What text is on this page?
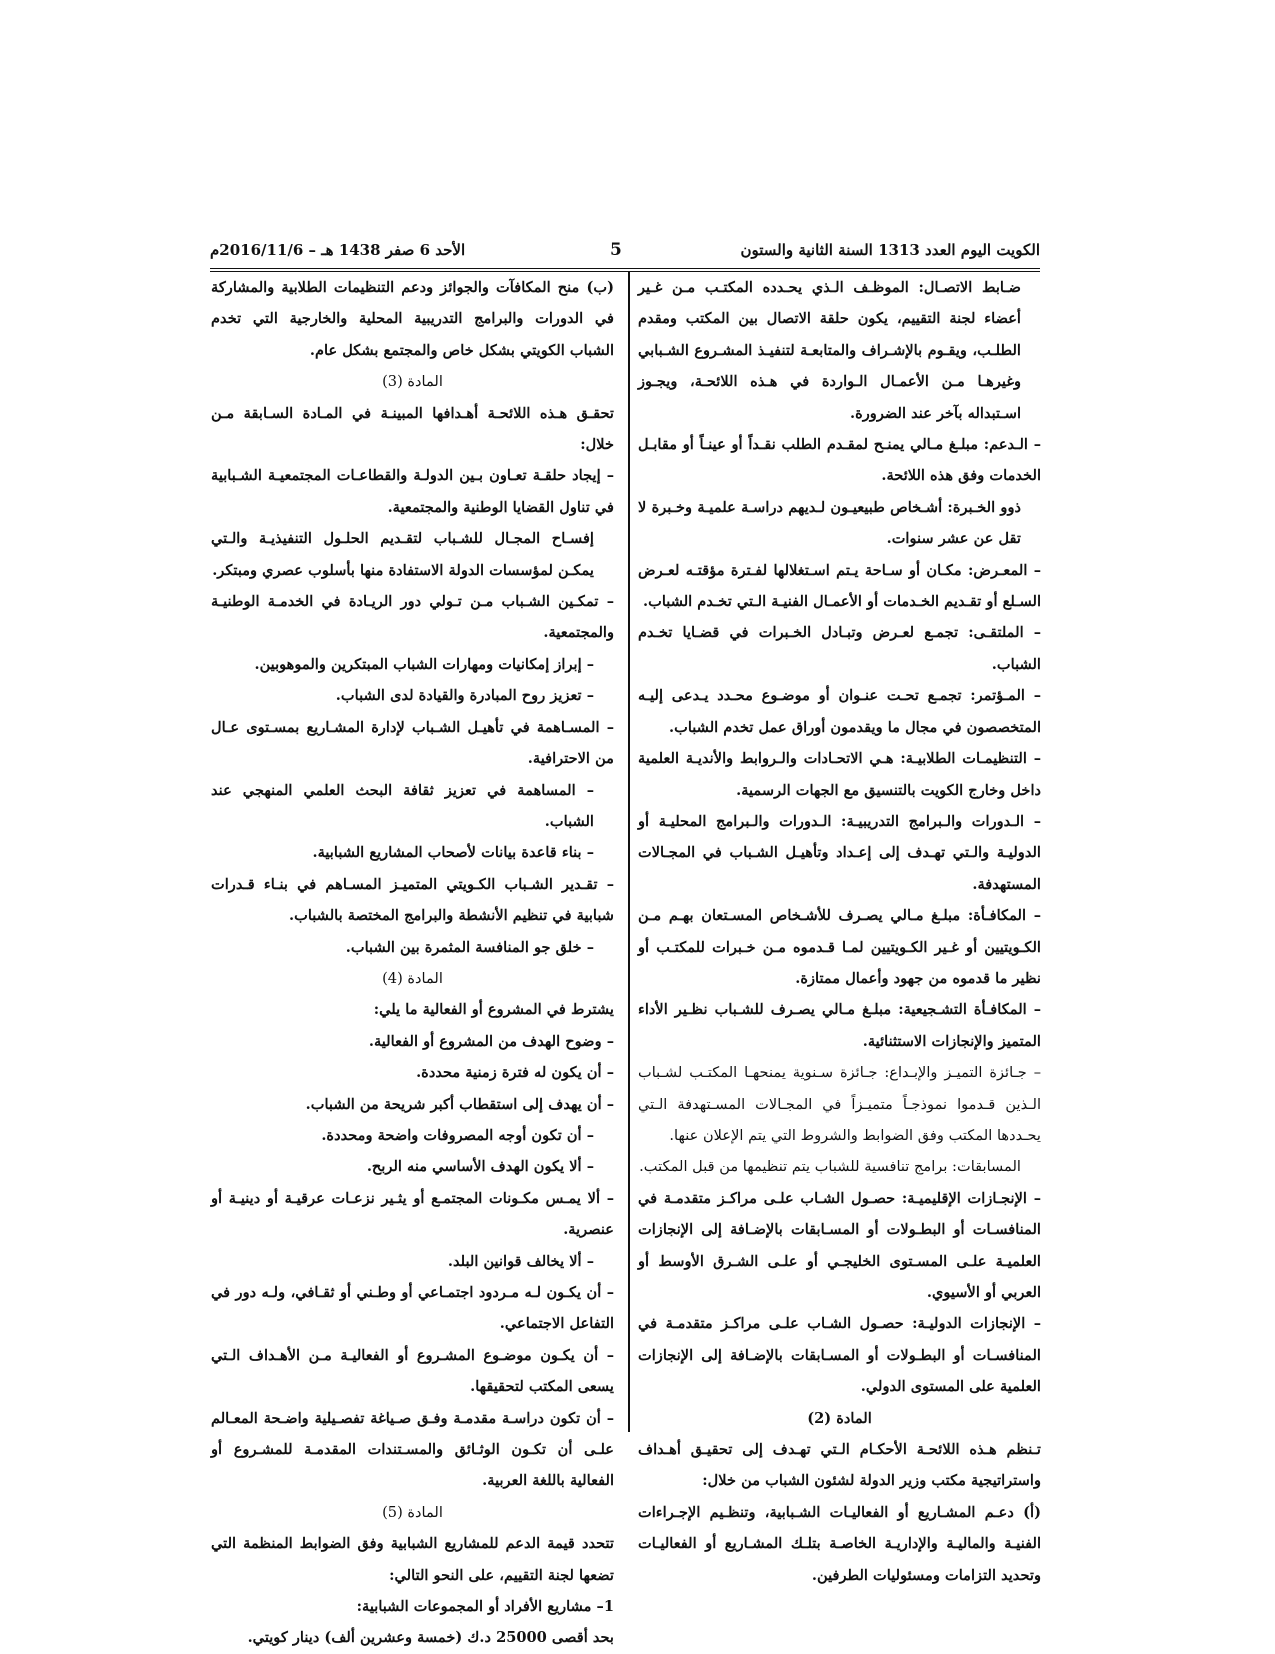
الكويت اليوم العدد 1313 السنة الثانية والستون
5
الأحد 6 صفر 1438 هـ – 2016/11/6م

ضـابط الاتصـال: الموظـف الـذي يحـدده المكتـب مـن غـير أعضاء لجنة التقييم، يكون حلقة الاتصال بين المكتب ومقدم الطلـب، ويقـوم بالإشـراف والمتابعـة لتنفيـذ المشـروع الشـبابي وغيرهـا مـن الأعمـال الـواردة في هـذه اللائحـة، ويجـوز اسـتبداله بآخر عند الضرورة.

– الـدعم: مبلـغ مـالي يمنـح لمقـدم الطلب نقـداً أو عينـاً أو مقابـل الخدمات وفق هذه اللائحة.

ذوو الخـبرة: أشـخاص طبيعيـون لـديهم دراسـة علميـة وخـبرة لا تقل عن عشر سنوات.

– المعـرض: مكـان أو سـاحة يـتم اسـتغلالها لفـترة مؤقتـه لعـرض السـلع أو تقـديم الخـدمات أو الأعمـال الفنيـة الـتي تخـدم الشباب.

– الملتقـى: تجمـع لعـرض وتبـادل الخـبرات في قضـايا تخـدم الشباب.

– المـؤتمر: تجمـع تحـت عنـوان أو موضـوع محـدد يـدعى إليـه المتخصصون في مجال ما ويقدمون أوراق عمل تخدم الشباب.

– التنظيمـات الطلابيـة: هـي الاتحـادات والـروابط والأنديـة العلمية داخل وخارج الكويت بالتنسيق مع الجهات الرسمية.

– الـدورات والـبرامج التدريبيـة: الـدورات والـبرامج المحليـة أو الدوليـة والـتي تهـدف إلى إعـداد وتأهيـل الشـباب في المجـالات المستهدفة.

– المكافـأة: مبلـغ مـالي يصـرف للأشـخاص المسـتعان بهـم مـن الكـويتيين أو غـير الكـويتيين لمـا قـدموه مـن خـبرات للمكتـب أو نظير ما قدموه من جهود وأعمال ممتازة.

– المكافـأة التشـجيعية: مبلـغ مـالي يصـرف للشـباب نظـير الأداء المتميز والإنجازات الاستثنائية.

– جـائزة التميـز والإبـداع: جـائزة سـنوية يمنحهـا المكتـب لشـباب الـذين قـدموا نموذجـاً متميـزاً في المجـالات المسـتهدفة الـتي يحـددها المكتب وفق الضوابط والشروط التي يتم الإعلان عنها.

المسابقات: برامج تنافسية للشباب يتم تنظيمها من قبل المكتب.

– الإنجـازات الإقليميـة: حصـول الشـاب علـى مراكـز متقدمـة في المنافسـات أو البطـولات أو المسـابقات بالإضـافة إلى الإنجازات العلميـة علـى المسـتوى الخليجـي أو علـى الشـرق الأوسط أو العربي أو الأسيوي.

– الإنجازات الدوليـة: حصـول الشـاب علـى مراكـز متقدمـة في المنافسـات أو البطـولات أو المسـابقات بالإضـافة إلى الإنجازات العلمية على المستوى الدولي.

المادة (2)

تـنظم هـذه اللائحـة الأحكـام الـتي تهـدف إلى تحقيـق أهـداف واستراتيجية مكتب وزير الدولة لشئون الشباب من خلال:

(أ) دعـم المشـاريع أو الفعاليـات الشـبابية، وتنظـيم الإجـراءات الفنيـة والماليـة والإداريـة الخاصـة بتلـك المشـاريع أو الفعاليـات وتحديد التزامات ومسئوليات الطرفين.

(ب) منح المكافآت والجوائز ودعم التنظيمات الطلابية والمشاركة في الدورات والبرامج التدريبية المحلية والخارجية التي تخدم الشباب الكويتي بشكل خاص والمجتمع بشكل عام.

المادة (3)

تحقـق هـذه اللائحـة أهـدافها المبينـة في المـادة السـابقة مـن خلال:

– إيجاد حلقـة تعـاون بـين الدولـة والقطاعـات المجتمعيـة الشـبابية في تناول القضايا الوطنية والمجتمعية.

إفسـاح المجـال للشـباب لتقـديم الحلـول التنفيذيـة والـتي يمكـن لمؤسسات الدولة الاستفادة منها بأسلوب عصري ومبتكر.

– تمكـين الشـباب مـن تـولي دور الريـادة في الخدمـة الوطنيـة والمجتمعية.

– إبراز إمكانيات ومهارات الشباب المبتكرين والموهوبين.

– تعزيز روح المبادرة والقيادة لدى الشباب.

– المسـاهمة في تأهيـل الشـباب لإدارة المشـاريع بمسـتوى عـال من الاحترافية.

– المساهمة في تعزيز ثقافة البحث العلمي المنهجي عند الشباب.

– بناء قاعدة بيانات لأصحاب المشاريع الشبابية.

– تقـدير الشـباب الكـويتي المتميـز المسـاهم في بنـاء قـدرات شبابية في تنظيم الأنشطة والبرامج المختصة بالشباب.

– خلق جو المنافسة المثمرة بين الشباب.

المادة (4)

يشترط في المشروع أو الفعالية ما يلي:

– وضوح الهدف من المشروع أو الفعالية.

– أن يكون له فترة زمنية محددة.

– أن يهدف إلى استقطاب أكبر شريحة من الشباب.

– أن تكون أوجه المصروفات واضحة ومحددة.

– ألا يكون الهدف الأساسي منه الربح.

– ألا يمـس مكـونات المجتمـع أو يثـير نزعـات عرقيـة أو دينيـة أو عنصرية.

– ألا يخالف قوانين البلد.

– أن يكـون لـه مـردود اجتمـاعي أو وطـني أو ثقـافي، ولـه دور في التفاعل الاجتماعي.

– أن يكـون موضـوع المشـروع أو الفعاليـة مـن الأهـداف الـتي يسعى المكتب لتحقيقها.

– أن تكون دراسـة مقدمـة وفـق صـياغة تفصـيلية واضـحة المعـالم علـى أن تكـون الوثـائق والمسـتندات المقدمـة للمشـروع أو الفعالية باللغة العربية.

المادة (5)

تتحدد قيمة الدعم للمشاريع الشبابية وفق الضوابط المنظمة التي تضعها لجنة التقييم، على النحو التالي:

1– مشاريع الأفراد أو المجموعات الشبابية:

بحد أقصى 25000 د.ك (خمسة وعشرين ألف) دينار كويتي.
